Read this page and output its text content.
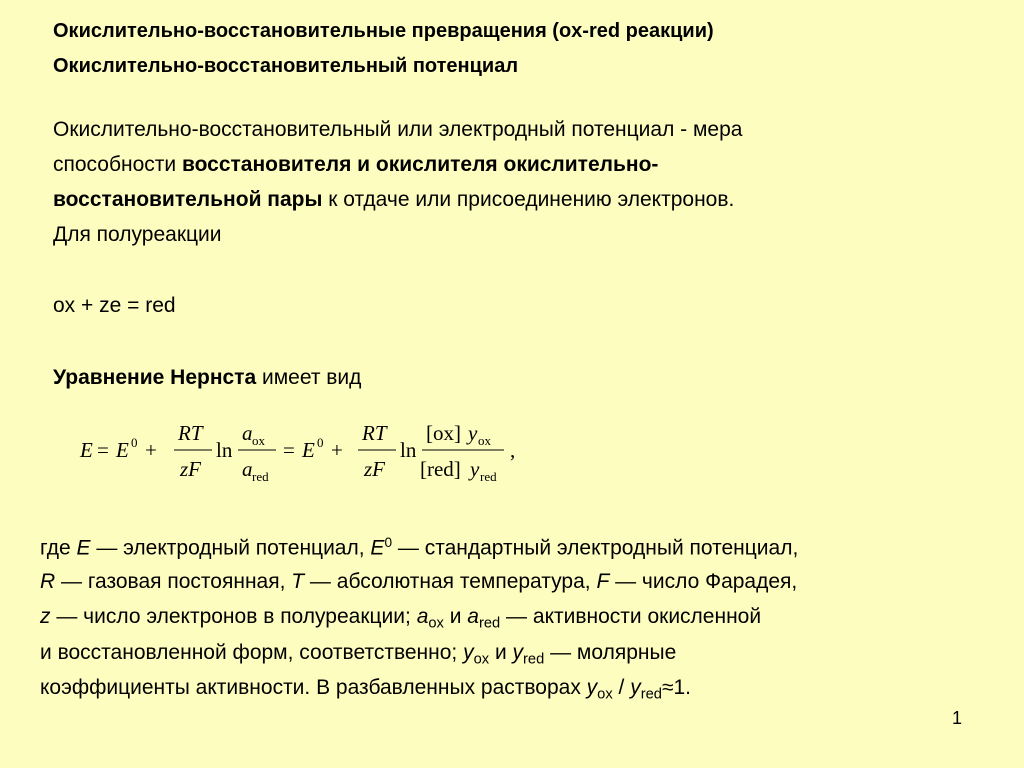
Окислительно-восстановительные превращения (ox-red реакции)
Окислительно-восстановительный потенциал
Окислительно-восстановительный или электродный потенциал - мера
способности восстановителя и окислителя окислительно-
восстановительной пары к отдаче или присоединению электронов.
Для полуреакции
ox + ze = red
Уравнение Нернста имеет вид
E = E 0 +
RT
zF
ln
a ox
a red
= E 0 +
RT
zF
ln
[ox] y ox
[red] y red
,
где E — электродный потенциал, $E^0$ — стандартный электродный потенциал,
R — газовая постоянная, T — абсолютная температура, F — число Фарадея,
z — число электронов в полуреакции; $a_{ox}$ и $a_{red}$ — активности окисленной
и восстановленной форм, соответственно; $y_{ox}$ и $y_{red}$ — молярные
коэффициенты активности. В разбавленных растворах $y_{ox} / y_{red}\approx 1$.
1
